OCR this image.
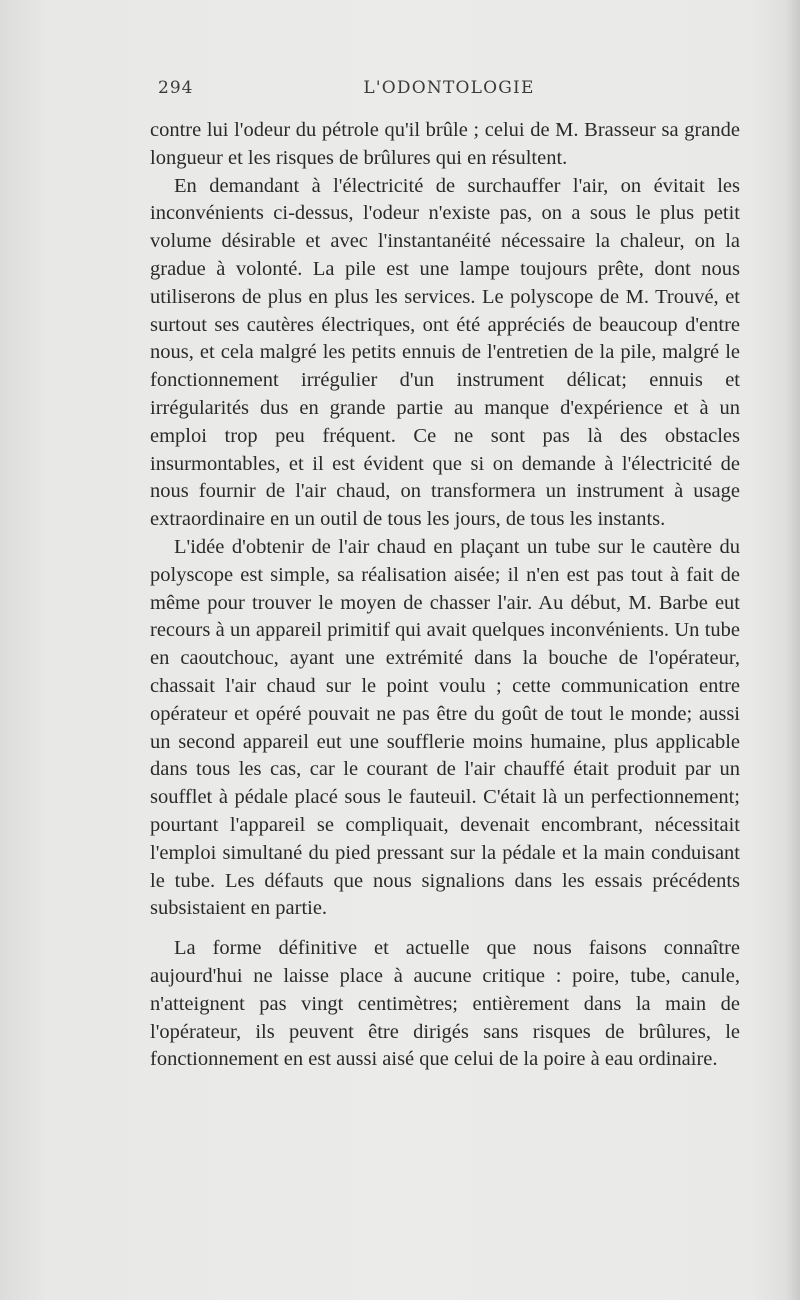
294	L'ODONTOLOGIE

contre lui l'odeur du pétrole qu'il brûle ; celui de M. Brasseur sa grande longueur et les risques de brûlures qui en résultent.

En demandant à l'électricité de surchauffer l'air, on évitait les inconvénients ci-dessus, l'odeur n'existe pas, on a sous le plus petit volume désirable et avec l'instantanéité nécessaire la chaleur, on la gradue à volonté. La pile est une lampe toujours prête, dont nous utiliserons de plus en plus les services. Le polyscope de M. Trouvé, et surtout ses cautères électriques, ont été appréciés de beaucoup d'entre nous, et cela malgré les petits ennuis de l'entretien de la pile, malgré le fonctionnement irrégulier d'un instrument délicat; ennuis et irrégularités dus en grande partie au manque d'expérience et à un emploi trop peu fréquent. Ce ne sont pas là des obstacles insurmontables, et il est évident que si on demande à l'électricité de nous fournir de l'air chaud, on transformera un instrument à usage extraordinaire en un outil de tous les jours, de tous les instants.

L'idée d'obtenir de l'air chaud en plaçant un tube sur le cautère du polyscope est simple, sa réalisation aisée; il n'en est pas tout à fait de même pour trouver le moyen de chasser l'air. Au début, M. Barbe eut recours à un appareil primitif qui avait quelques inconvénients. Un tube en caoutchouc, ayant une extrémité dans la bouche de l'opérateur, chassait l'air chaud sur le point voulu ; cette communication entre opérateur et opéré pouvait ne pas être du goût de tout le monde; aussi un second appareil eut une soufflerie moins humaine, plus applicable dans tous les cas, car le courant de l'air chauffé était produit par un soufflet à pédale placé sous le fauteuil. C'était là un perfectionnement; pourtant l'appareil se compliquait, devenait encombrant, nécessitait l'emploi simultané du pied pressant sur la pédale et la main conduisant le tube. Les défauts que nous signalions dans les essais précédents subsistaient en partie.

La forme définitive et actuelle que nous faisons connaître aujourd'hui ne laisse place à aucune critique : poire, tube, canule, n'atteignent pas vingt centimètres; entièrement dans la main de l'opérateur, ils peuvent être dirigés sans risques de brûlures, le fonctionnement en est aussi aisé que celui de la poire à eau ordinaire.
